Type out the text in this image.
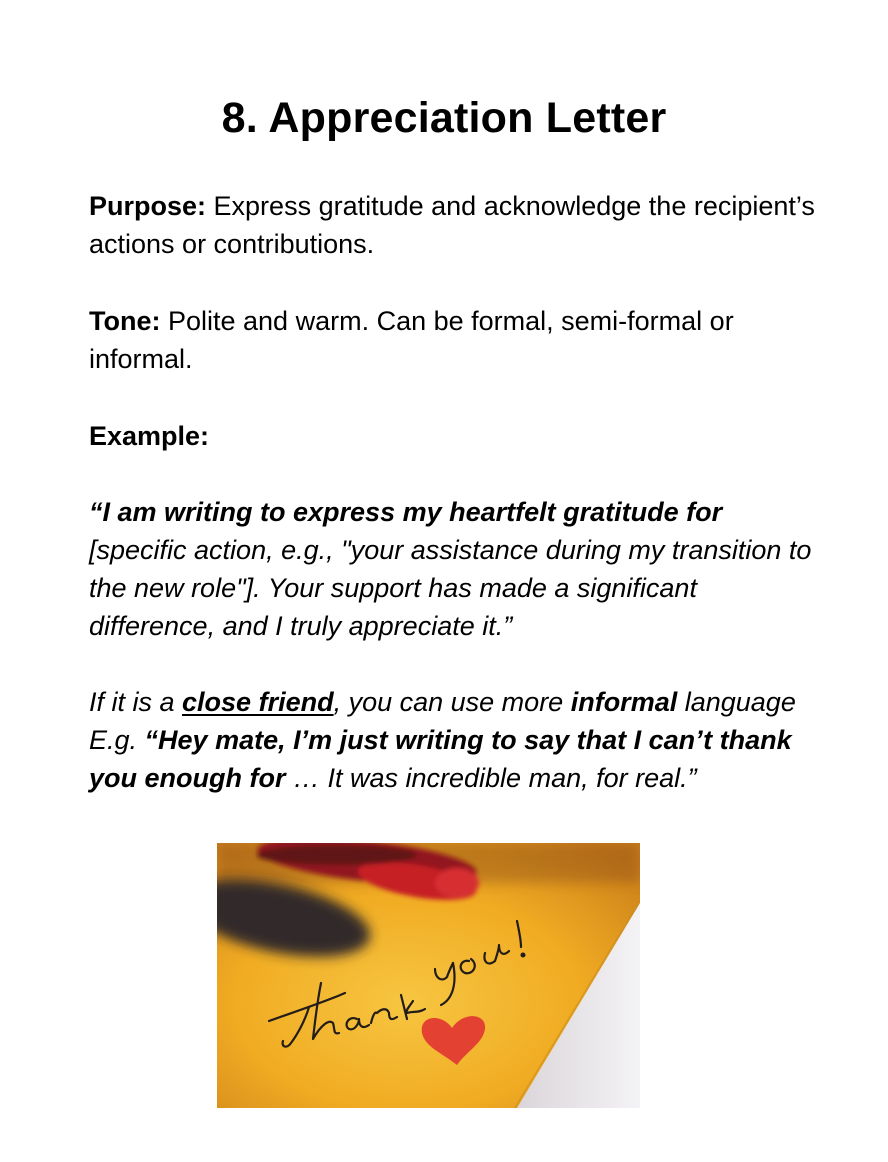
8. Appreciation Letter

Purpose: Express gratitude and acknowledge the recipient’s actions or contributions.

Tone: Polite and warm. Can be formal, semi-formal or informal.

Example:

“I am writing to express my heartfelt gratitude for [specific action, e.g., "your assistance during my transition to the new role"]. Your support has made a significant difference, and I truly appreciate it.”

If it is a close friend, you can use more informal language E.g. “Hey mate, I’m just writing to say that I can’t thank you enough for … It was incredible man, for real.”
